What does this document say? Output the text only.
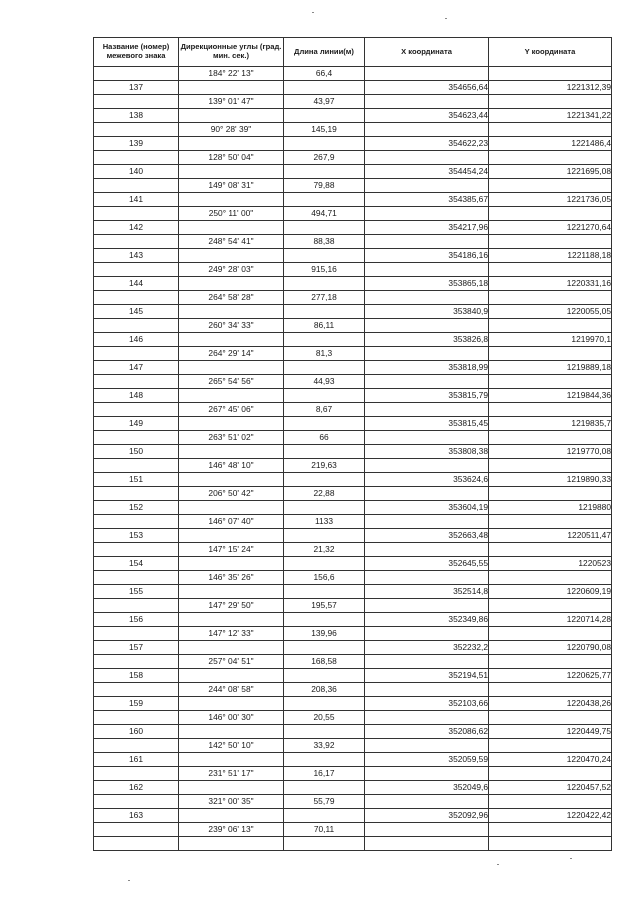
Название (номер) межевого знака	Дирекционные углы (град. мин. сек.)	Длина линии(м)	X координата	Y координата
	184° 22' 13"	66,4		
137			354656,64	1221312,39
	139° 01' 47"	43,97		
138			354623,44	1221341,22
	90° 28' 39"	145,19		
139			354622,23	1221486,4
	128° 50' 04"	267,9		
140			354454,24	1221695,08
	149° 08' 31"	79,88		
141			354385,67	1221736,05
	250° 11' 00"	494,71		
142			354217,96	1221270,64
	248° 54' 41"	88,38		
143			354186,16	1221188,18
	249° 28' 03"	915,16		
144			353865,18	1220331,16
	264° 58' 28"	277,18		
145			353840,9	1220055,05
	260° 34' 33"	86,11		
146			353826,8	1219970,1
	264° 29' 14"	81,3		
147			353818,99	1219889,18
	265° 54' 56"	44,93		
148			353815,79	1219844,36
	267° 45' 06"	8,67		
149			353815,45	1219835,7
	263° 51' 02"	66		
150			353808,38	1219770,08
	146° 48' 10"	219,63		
151			353624,6	1219890,33
	206° 50' 42"	22,88		
152			353604,19	1219880
	146° 07' 40"	1133		
153			352663,48	1220511,47
	147° 15' 24"	21,32		
154			352645,55	1220523
	146° 35' 26"	156,6		
155			352514,8	1220609,19
	147° 29' 50"	195,57		
156			352349,86	1220714,28
	147° 12' 33"	139,96		
157			352232,2	1220790,08
	257° 04' 51"	168,58		
158			352194,51	1220625,77
	244° 08' 58"	208,36		
159			352103,66	1220438,26
	146° 00' 30"	20,55		
160			352086,62	1220449,75
	142° 50' 10"	33,92		
161			352059,59	1220470,24
	231° 51' 17"	16,17		
162			352049,6	1220457,52
	321° 00' 35"	55,79		
163			352092,96	1220422,42
	239° 06' 13"	70,11		
